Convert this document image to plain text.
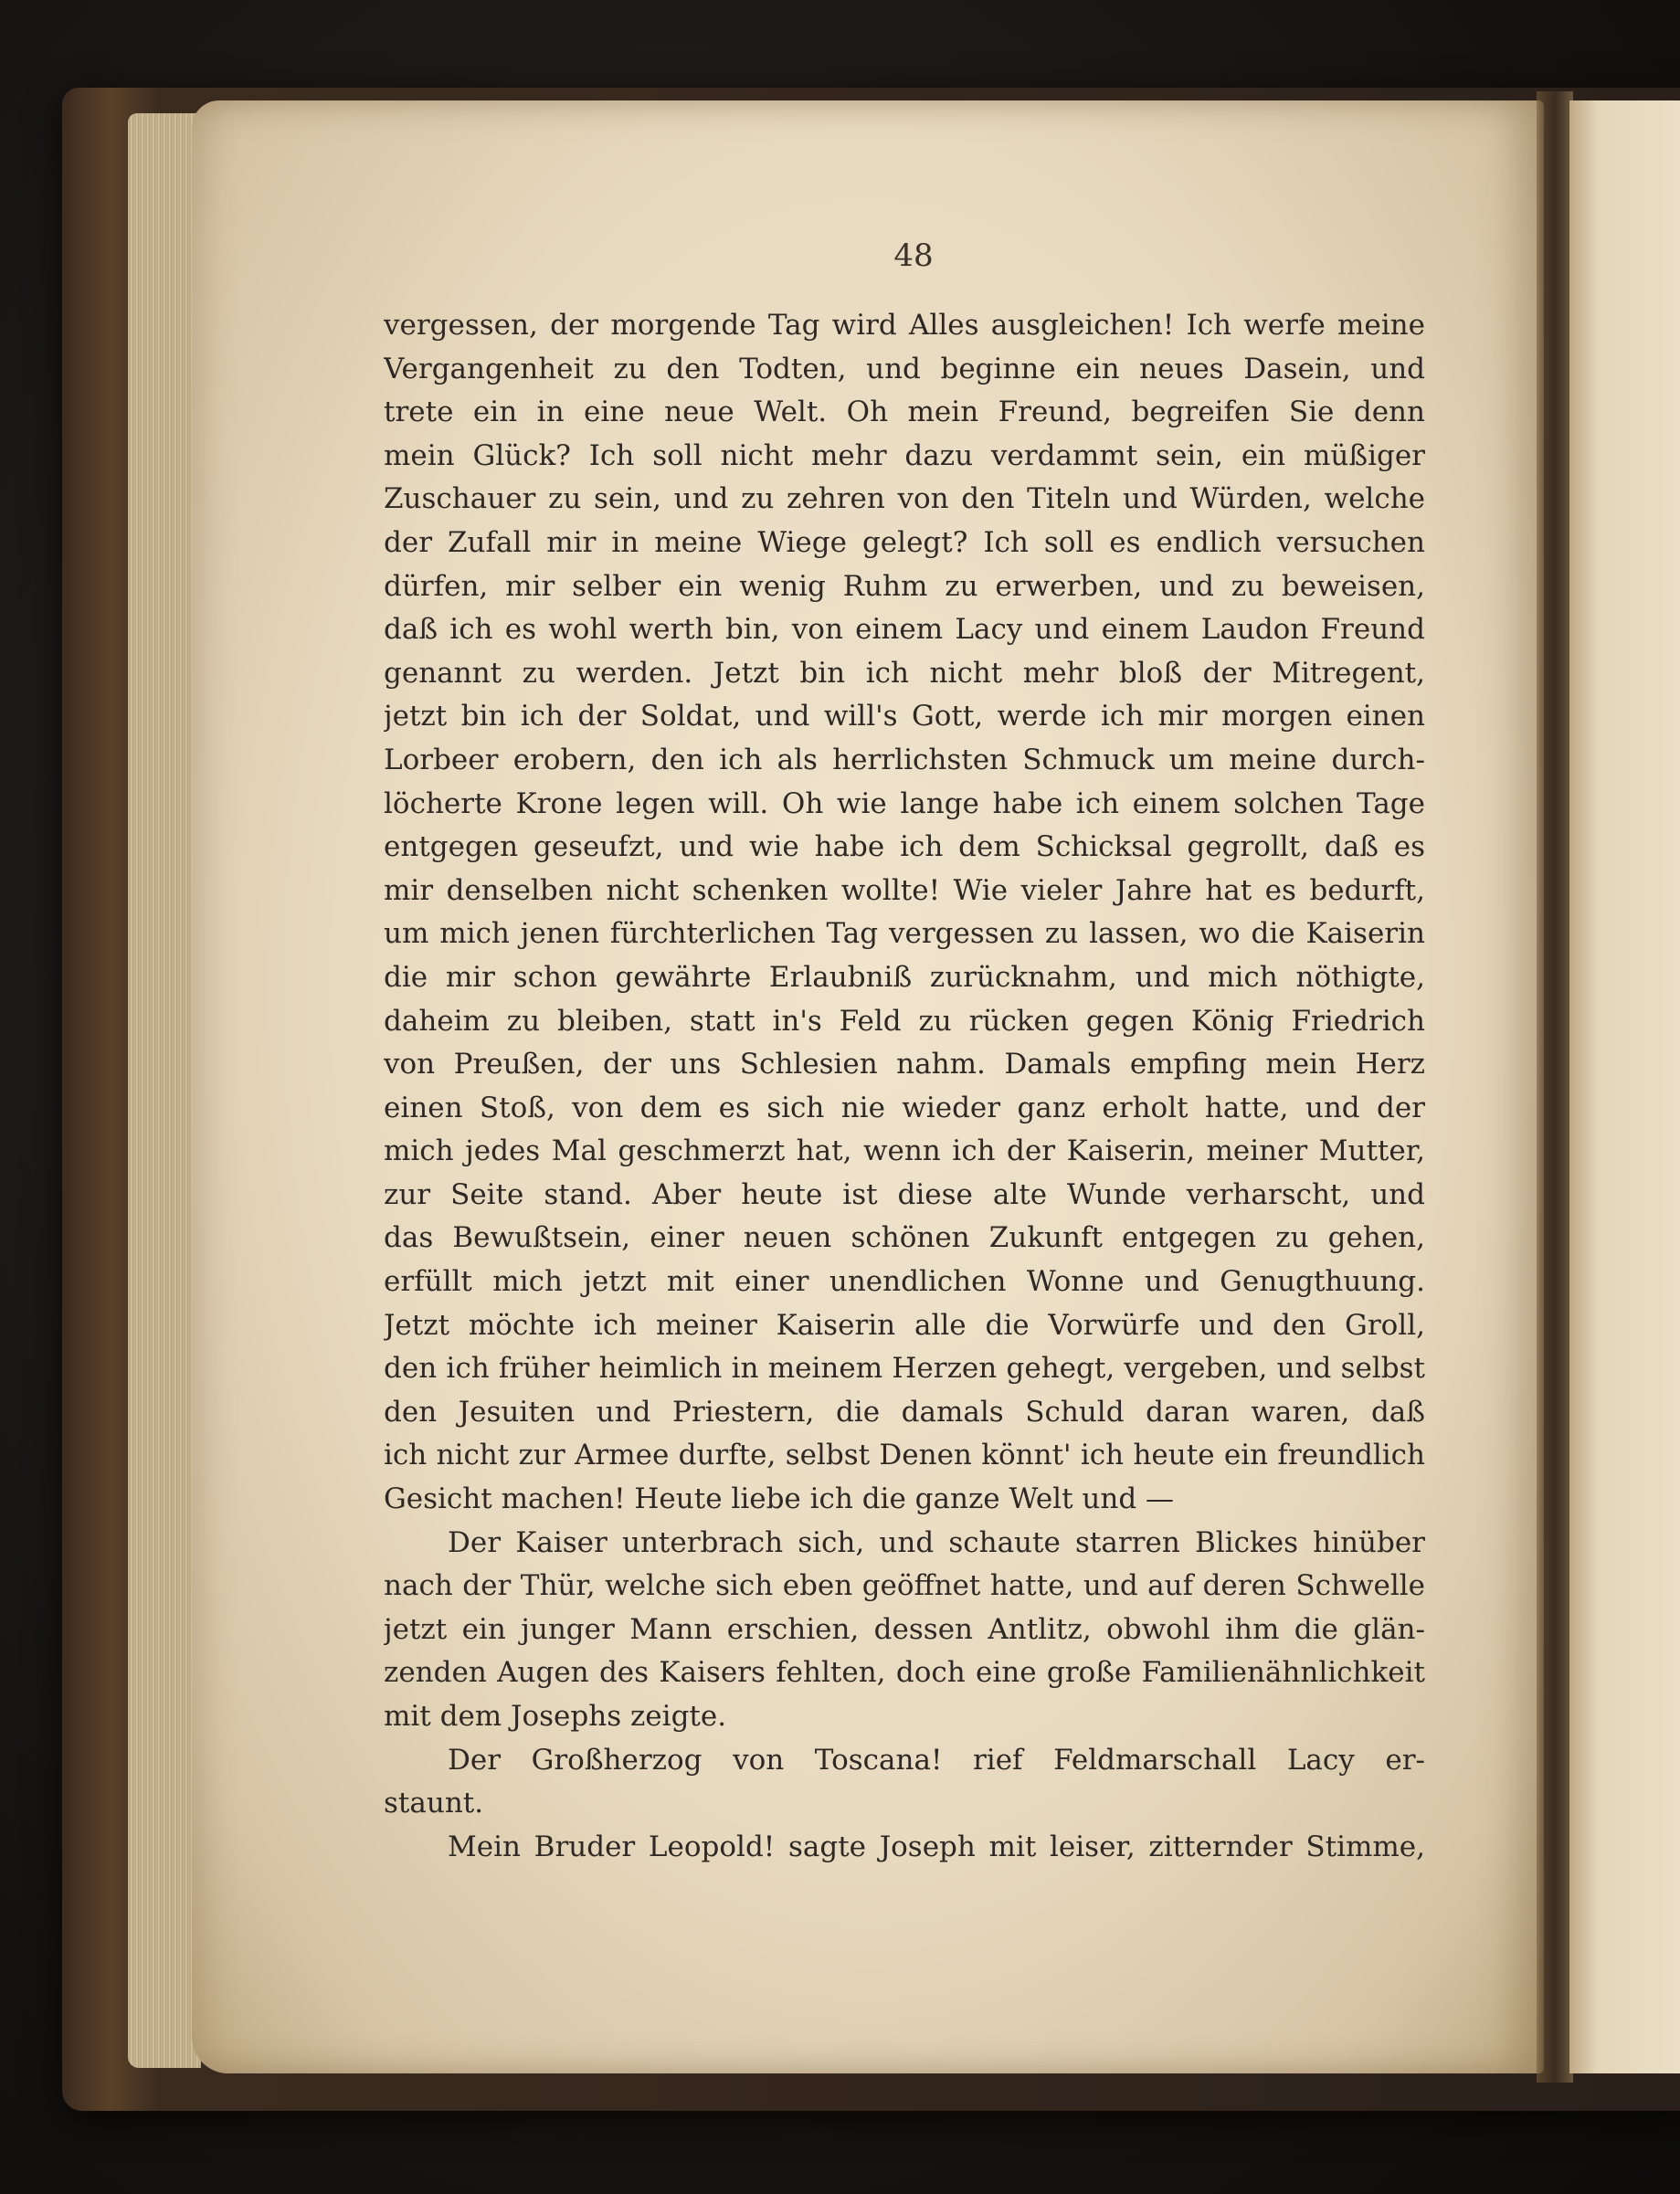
48
vergessen, der morgende Tag wird Alles ausgleichen! Ich werfe meine
Vergangenheit zu den Todten, und beginne ein neues Dasein, und
trete ein in eine neue Welt. Oh mein Freund, begreifen Sie denn
mein Glück? Ich soll nicht mehr dazu verdammt sein, ein müßiger
Zuschauer zu sein, und zu zehren von den Titeln und Würden, welche
der Zufall mir in meine Wiege gelegt? Ich soll es endlich versuchen
dürfen, mir selber ein wenig Ruhm zu erwerben, und zu beweisen,
daß ich es wohl werth bin, von einem Lacy und einem Laudon Freund
genannt zu werden. Jetzt bin ich nicht mehr bloß der Mitregent,
jetzt bin ich der Soldat, und will's Gott, werde ich mir morgen einen
Lorbeer erobern, den ich als herrlichsten Schmuck um meine durch-
löcherte Krone legen will. Oh wie lange habe ich einem solchen Tage
entgegen geseufzt, und wie habe ich dem Schicksal gegrollt, daß es
mir denselben nicht schenken wollte! Wie vieler Jahre hat es bedurft,
um mich jenen fürchterlichen Tag vergessen zu lassen, wo die Kaiserin
die mir schon gewährte Erlaubniß zurücknahm, und mich nöthigte,
daheim zu bleiben, statt in's Feld zu rücken gegen König Friedrich
von Preußen, der uns Schlesien nahm. Damals empfing mein Herz
einen Stoß, von dem es sich nie wieder ganz erholt hatte, und der
mich jedes Mal geschmerzt hat, wenn ich der Kaiserin, meiner Mutter,
zur Seite stand. Aber heute ist diese alte Wunde verharscht, und
das Bewußtsein, einer neuen schönen Zukunft entgegen zu gehen,
erfüllt mich jetzt mit einer unendlichen Wonne und Genugthuung.
Jetzt möchte ich meiner Kaiserin alle die Vorwürfe und den Groll,
den ich früher heimlich in meinem Herzen gehegt, vergeben, und selbst
den Jesuiten und Priestern, die damals Schuld daran waren, daß
ich nicht zur Armee durfte, selbst Denen könnt' ich heute ein freundlich
Gesicht machen! Heute liebe ich die ganze Welt und —
Der Kaiser unterbrach sich, und schaute starren Blickes hinüber
nach der Thür, welche sich eben geöffnet hatte, und auf deren Schwelle
jetzt ein junger Mann erschien, dessen Antlitz, obwohl ihm die glän-
zenden Augen des Kaisers fehlten, doch eine große Familienähnlichkeit
mit dem Josephs zeigte.
Der Großherzog von Toscana! rief Feldmarschall Lacy er-
staunt.
Mein Bruder Leopold! sagte Joseph mit leiser, zitternder Stimme,
